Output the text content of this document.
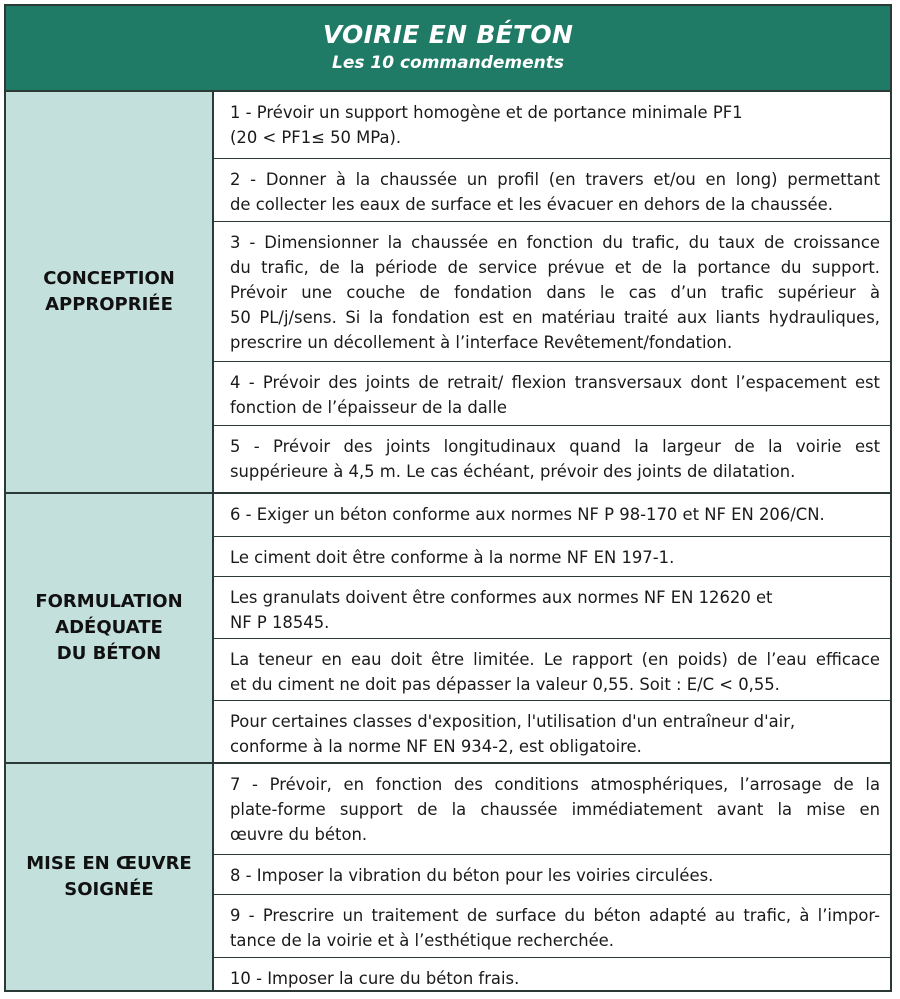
VOIRIE EN BÉTON
Les 10 commandements
CONCEPTION
APPROPRIÉE
1 - Prévoir un support homogène et de portance minimale PF1
(20 < PF1≤ 50 MPa).
2 - Donner à la chaussée un profil (en travers et/ou en long) permettant
de collecter les eaux de surface et les évacuer en dehors de la chaussée.
3 - Dimensionner la chaussée en fonction du trafic, du taux de croissance
du trafic, de la période de service prévue et de la portance du support.
Prévoir une couche de fondation dans le cas d’un trafic supérieur à
50 PL/j/sens. Si la fondation est en matériau traité aux liants hydrauliques,
prescrire un décollement à l’interface Revêtement/fondation.
4 - Prévoir des joints de retrait/ flexion transversaux dont l’espacement est
fonction de l’épaisseur de la dalle
5 - Prévoir des joints longitudinaux quand la largeur de la voirie est
suppérieure à 4,5 m. Le cas échéant, prévoir des joints de dilatation.
FORMULATION
ADÉQUATE
DU BÉTON
6 - Exiger un béton conforme aux normes NF P 98-170 et NF EN 206/CN.
Le ciment doit être conforme à la norme NF EN 197-1.
Les granulats doivent être conformes aux normes NF EN 12620 et
NF P 18545.
La teneur en eau doit être limitée. Le rapport (en poids) de l’eau efficace
et du ciment ne doit pas dépasser la valeur 0,55. Soit : E/C < 0,55.
Pour certaines classes d'exposition, l'utilisation d'un entraîneur d'air,
conforme à la norme NF EN 934-2, est obligatoire.
MISE EN ŒUVRE
SOIGNÉE
7 - Prévoir, en fonction des conditions atmosphériques, l’arrosage de la
plate-forme support de la chaussée immédiatement avant la mise en
œuvre du béton.
8 - Imposer la vibration du béton pour les voiries circulées.
9 - Prescrire un traitement de surface du béton adapté au trafic, à l’impor-
tance de la voirie et à l’esthétique recherchée.
10 - Imposer la cure du béton frais.
